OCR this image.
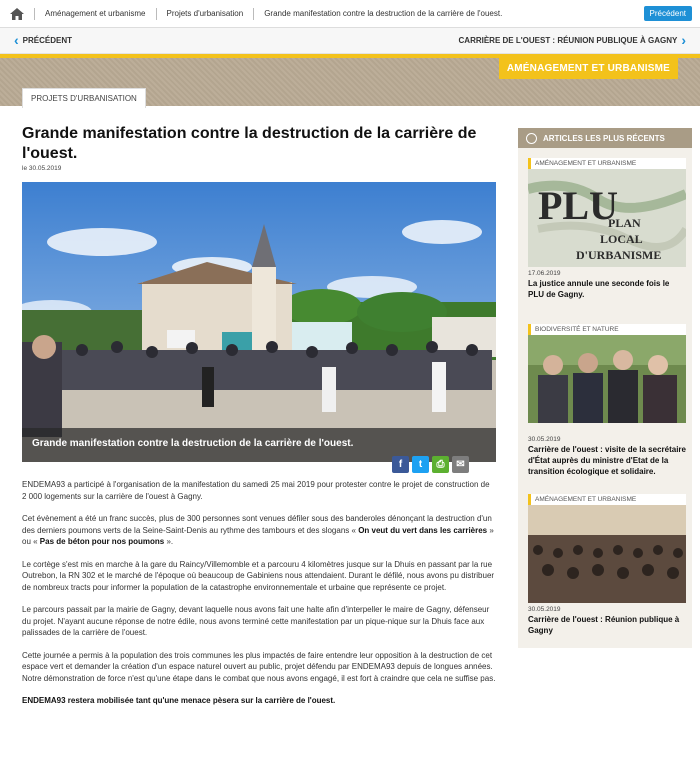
Aménagement et urbanisme	Projets d'urbanisation	Grande manifestation contre la destruction de la carrière de l'ouest.	Précédent
‹ PRÉCÉDENT	CARRIÈRE DE L'OUEST : RÉUNION PUBLIQUE À GAGNY ›
AMÉNAGEMENT ET URBANISME
PROJETS D'URBANISATION
Grande manifestation contre la destruction de la carrière de l'ouest.
le 30.05.2019
Grande manifestation contre la destruction de la carrière de l'ouest.
f	t	⎙	✉

ENDEMA93 a participé à l'organisation de la manifestation du samedi 25 mai 2019 pour protester contre le projet de construction de 2 000 logements sur la carrière de l'ouest à Gagny.

Cet évènement a été un franc succès, plus de 300 personnes sont venues défiler sous des banderoles dénonçant la destruction d'un des derniers poumons verts de la Seine-Saint-Denis au rythme des tambours et des slogans « On veut du vert dans les carrières » ou « Pas de béton pour nos poumons ».

Le cortège s'est mis en marche à la gare du Raincy/Villemomble et a parcouru 4 kilomètres jusque sur la Dhuis en passant par la rue Outrebon, la RN 302 et le marché de l'époque où beaucoup de Gabiniens nous attendaient. Durant le défilé, nous avons pu distribuer de nombreux tracts pour informer la population de la catastrophe environnementale et urbaine que représente ce projet.

Le parcours passait par la mairie de Gagny, devant laquelle nous avons fait une halte afin d'interpeller le maire de Gagny, défenseur du projet. N'ayant aucune réponse de notre édile, nous avons terminé cette manifestation par un pique-nique sur la Dhuis face aux palissades de la carrière de l'ouest.

Cette journée a permis à la population des trois communes les plus impactés de faire entendre leur opposition à la destruction de cet espace vert et demander la création d'un espace naturel ouvert au public, projet défendu par ENDEMA93 depuis de longues années. Notre démonstration de force n'est qu'une étape dans le combat que nous avons engagé, il est fort à craindre que cela ne suffise pas.

ENDEMA93 restera mobilisée tant qu'une menace pèsera sur la carrière de l'ouest.

ARTICLES LES PLUS RÉCENTS
AMÉNAGEMENT ET URBANISME
PLU
PLAN
LOCAL
D'URBANISME
17.06.2019
La justice annule une seconde fois le PLU de Gagny.
BIODIVERSITÉ ET NATURE
30.05.2019
Carrière de l'ouest : visite de la secrétaire d'État auprès du ministre d'Etat de la transition écologique et solidaire.
AMÉNAGEMENT ET URBANISME
30.05.2019
Carrière de l'ouest : Réunion publique à Gagny
